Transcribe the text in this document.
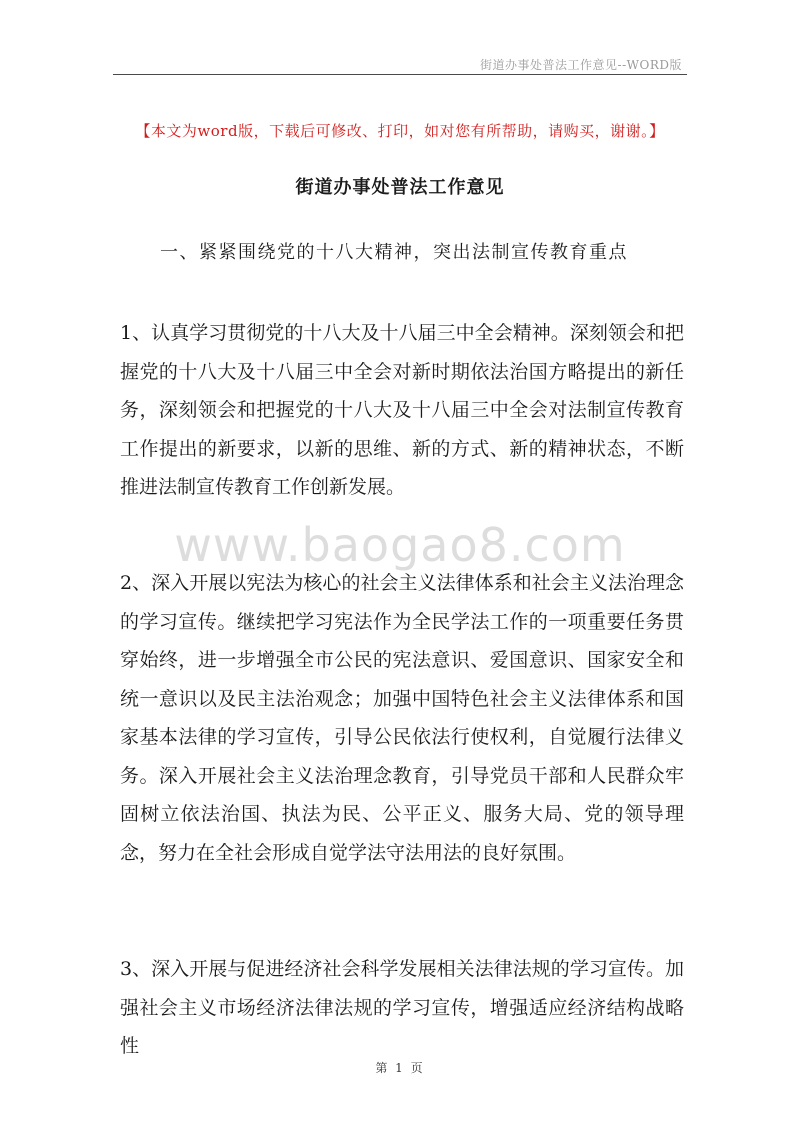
街道办事处普法工作意见--WORD版
【本文为word版，下载后可修改、打印，如对您有所帮助，请购买，谢谢。】
街道办事处普法工作意见
一、紧紧围绕党的十八大精神，突出法制宣传教育重点

1、认真学习贯彻党的十八大及十八届三中全会精神。深刻领会和把握党的十八大及十八届三中全会对新时期依法治国方略提出的新任务，深刻领会和把握党的十八大及十八届三中全会对法制宣传教育工作提出的新要求，以新的思维、新的方式、新的精神状态，不断推进法制宣传教育工作创新发展。

2、深入开展以宪法为核心的社会主义法律体系和社会主义法治理念的学习宣传。继续把学习宪法作为全民学法工作的一项重要任务贯穿始终，进一步增强全市公民的宪法意识、爱国意识、国家安全和统一意识以及民主法治观念；加强中国特色社会主义法律体系和国家基本法律的学习宣传，引导公民依法行使权利，自觉履行法律义务。深入开展社会主义法治理念教育，引导党员干部和人民群众牢固树立依法治国、执法为民、公平正义、服务大局、党的领导理念，努力在全社会形成自觉学法守法用法的良好氛围。

3、深入开展与促进经济社会科学发展相关法律法规的学习宣传。加强社会主义市场经济法律法规的学习宣传，增强适应经济结构战略性

www.baogao8.com
第 1 页
